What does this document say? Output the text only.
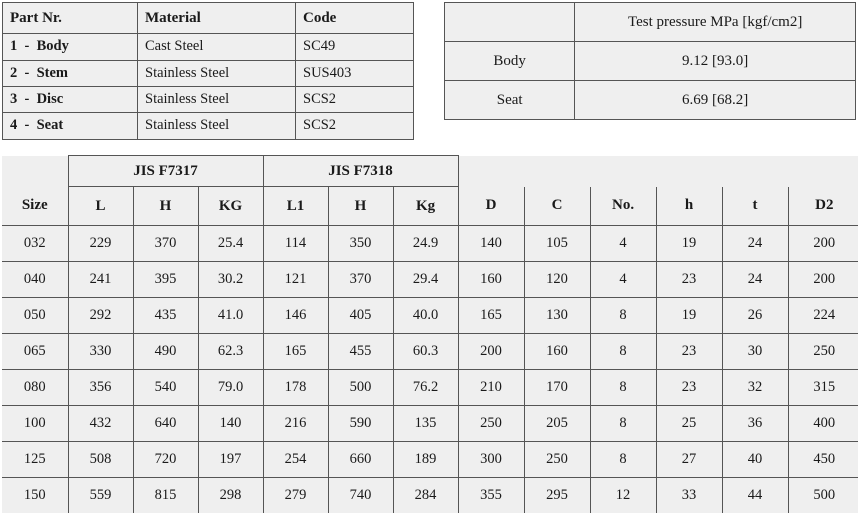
Part Nr.	Material	Code
1  -  Body	Cast Steel	SC49
2  -  Stem	Stainless Steel	SUS403
3  -  Disc	Stainless Steel	SCS2
4  -  Seat	Stainless Steel	SCS2
	Test pressure MPa [kgf/cm2]
Body	9.12 [93.0]
Seat	6.69 [68.2]
	JIS F7317			JIS F7318								
Size	L	H	KG	L1	H	Kg	D	C	No.	h	t	D2
032	229	370	25.4	114	350	24.9	140	105	4	19	24	200
040	241	395	30.2	121	370	29.4	160	120	4	23	24	200
050	292	435	41.0	146	405	40.0	165	130	8	19	26	224
065	330	490	62.3	165	455	60.3	200	160	8	23	30	250
080	356	540	79.0	178	500	76.2	210	170	8	23	32	315
100	432	640	140	216	590	135	250	205	8	25	36	400
125	508	720	197	254	660	189	300	250	8	27	40	450
150	559	815	298	279	740	284	355	295	12	33	44	500
